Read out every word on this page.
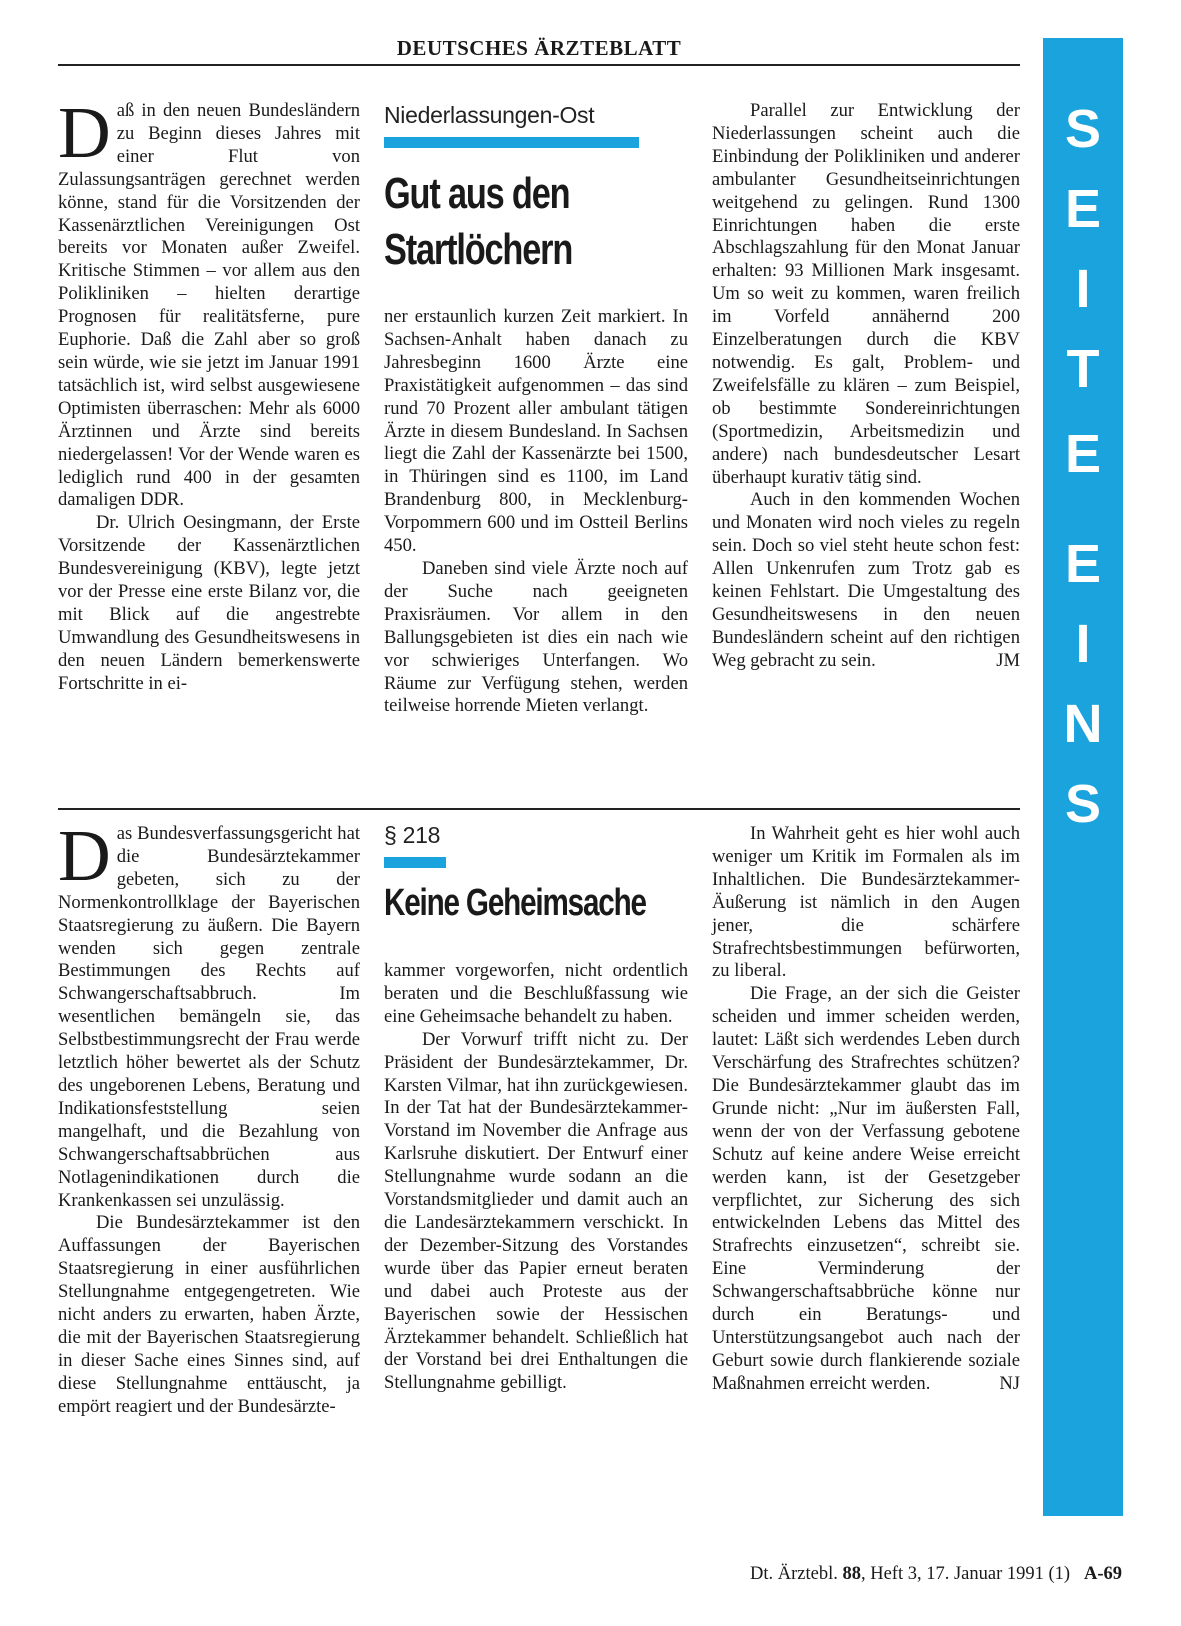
DEUTSCHES ÄRZTEBLATT

Daß in den neuen Bundesländern zu Beginn dieses Jahres mit einer Flut von Zulassungsanträgen gerechnet werden könne, stand für die Vorsitzenden der Kassenärztlichen Vereinigungen Ost bereits vor Monaten außer Zweifel. Kritische Stimmen – vor allem aus den Polikliniken – hielten derartige Prognosen für realitätsferne, pure Euphorie. Daß die Zahl aber so groß sein würde, wie sie jetzt im Januar 1991 tatsächlich ist, wird selbst ausgewiesene Optimisten überraschen: Mehr als 6000 Ärztinnen und Ärzte sind bereits niedergelassen! Vor der Wende waren es lediglich rund 400 in der gesamten damaligen DDR.

Dr. Ulrich Oesingmann, der Erste Vorsitzende der Kassenärztlichen Bundesvereinigung (KBV), legte jetzt vor der Presse eine erste Bilanz vor, die mit Blick auf die angestrebte Umwandlung des Gesundheitswesens in den neuen Ländern bemerkenswerte Fortschritte in ei-

Niederlassungen-Ost
Gut aus den
Startlöchern

ner erstaunlich kurzen Zeit markiert. In Sachsen-Anhalt haben danach zu Jahresbeginn 1600 Ärzte eine Praxistätigkeit aufgenommen – das sind rund 70 Prozent aller ambulant tätigen Ärzte in diesem Bundesland. In Sachsen liegt die Zahl der Kassenärzte bei 1500, in Thüringen sind es 1100, im Land Brandenburg 800, in Mecklenburg-Vorpommern 600 und im Ostteil Berlins 450.

Daneben sind viele Ärzte noch auf der Suche nach geeigneten Praxisräumen. Vor allem in den Ballungsgebieten ist dies ein nach wie vor schwieriges Unterfangen. Wo Räume zur Verfügung stehen, werden teilweise horrende Mieten verlangt.

Parallel zur Entwicklung der Niederlassungen scheint auch die Einbindung der Polikliniken und anderer ambulanter Gesundheitseinrichtungen weitgehend zu gelingen. Rund 1300 Einrichtungen haben die erste Abschlagszahlung für den Monat Januar erhalten: 93 Millionen Mark insgesamt. Um so weit zu kommen, waren freilich im Vorfeld annähernd 200 Einzelberatungen durch die KBV notwendig. Es galt, Problem- und Zweifelsfälle zu klären – zum Beispiel, ob bestimmte Sondereinrichtungen (Sportmedizin, Arbeitsmedizin und andere) nach bundesdeutscher Lesart überhaupt kurativ tätig sind.

Auch in den kommenden Wochen und Monaten wird noch vieles zu regeln sein. Doch so viel steht heute schon fest: Allen Unkenrufen zum Trotz gab es keinen Fehlstart. Die Umgestaltung des Gesundheitswesens in den neuen Bundesländern scheint auf den richtigen Weg gebracht zu sein.	JM

Das Bundesverfassungsgericht hat die Bundesärztekammer gebeten, sich zu der Normenkontrollklage der Bayerischen Staatsregierung zu äußern. Die Bayern wenden sich gegen zentrale Bestimmungen des Rechts auf Schwangerschaftsabbruch. Im wesentlichen bemängeln sie, das Selbstbestimmungsrecht der Frau werde letztlich höher bewertet als der Schutz des ungeborenen Lebens, Beratung und Indikationsfeststellung seien mangelhaft, und die Bezahlung von Schwangerschaftsabbrüchen aus Notlagenindikationen durch die Krankenkassen sei unzulässig.

Die Bundesärztekammer ist den Auffassungen der Bayerischen Staatsregierung in einer ausführlichen Stellungnahme entgegengetreten. Wie nicht anders zu erwarten, haben Ärzte, die mit der Bayerischen Staatsregierung in dieser Sache eines Sinnes sind, auf diese Stellungnahme enttäuscht, ja empört reagiert und der Bundesärzte-

§ 218
Keine Geheimsache

kammer vorgeworfen, nicht ordentlich beraten und die Beschlußfassung wie eine Geheimsache behandelt zu haben.

Der Vorwurf trifft nicht zu. Der Präsident der Bundesärztekammer, Dr. Karsten Vilmar, hat ihn zurückgewiesen. In der Tat hat der Bundesärztekammer-Vorstand im November die Anfrage aus Karlsruhe diskutiert. Der Entwurf einer Stellungnahme wurde sodann an die Vorstandsmitglieder und damit auch an die Landesärztekammern verschickt. In der Dezember-Sitzung des Vorstandes wurde über das Papier erneut beraten und dabei auch Proteste aus der Bayerischen sowie der Hessischen Ärztekammer behandelt. Schließlich hat der Vorstand bei drei Enthaltungen die Stellungnahme gebilligt.

In Wahrheit geht es hier wohl auch weniger um Kritik im Formalen als im Inhaltlichen. Die Bundesärztekammer-Äußerung ist nämlich in den Augen jener, die schärfere Strafrechtsbestimmungen befürworten, zu liberal.

Die Frage, an der sich die Geister scheiden und immer scheiden werden, lautet: Läßt sich werdendes Leben durch Verschärfung des Strafrechtes schützen? Die Bundesärztekammer glaubt das im Grunde nicht: „Nur im äußersten Fall, wenn der von der Verfassung gebotene Schutz auf keine andere Weise erreicht werden kann, ist der Gesetzgeber verpflichtet, zur Sicherung des sich entwickelnden Lebens das Mittel des Strafrechts einzusetzen“, schreibt sie. Eine Verminderung der Schwangerschaftsabbrüche könne nur durch ein Beratungs- und Unterstützungsangebot auch nach der Geburt sowie durch flankierende soziale Maßnahmen erreicht werden.	NJ

S
E
I
T
E
E
I
N
S
Dt. Ärztebl. 88, Heft 3, 17. Januar 1991 (1) A-69
